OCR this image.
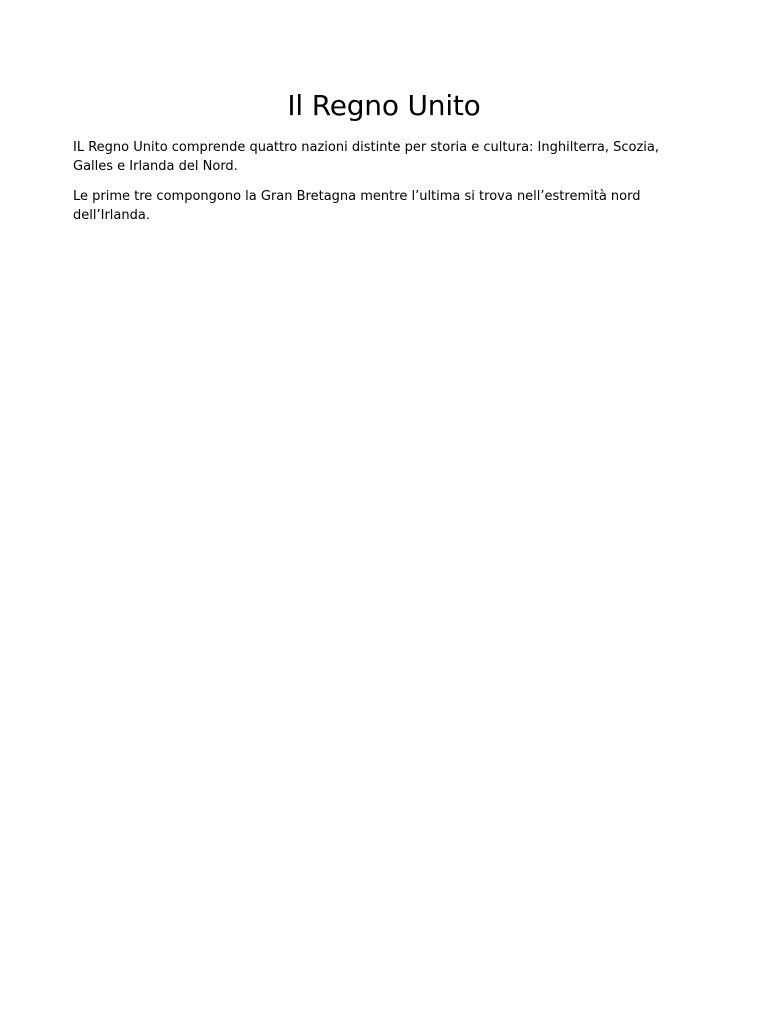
Il Regno Unito

IL Regno Unito comprende quattro nazioni distinte per storia e cultura: Inghilterra, Scozia, Galles e Irlanda del Nord.

Le prime tre compongono la Gran Bretagna mentre l’ultima si trova nell’estremità nord dell’Irlanda.
